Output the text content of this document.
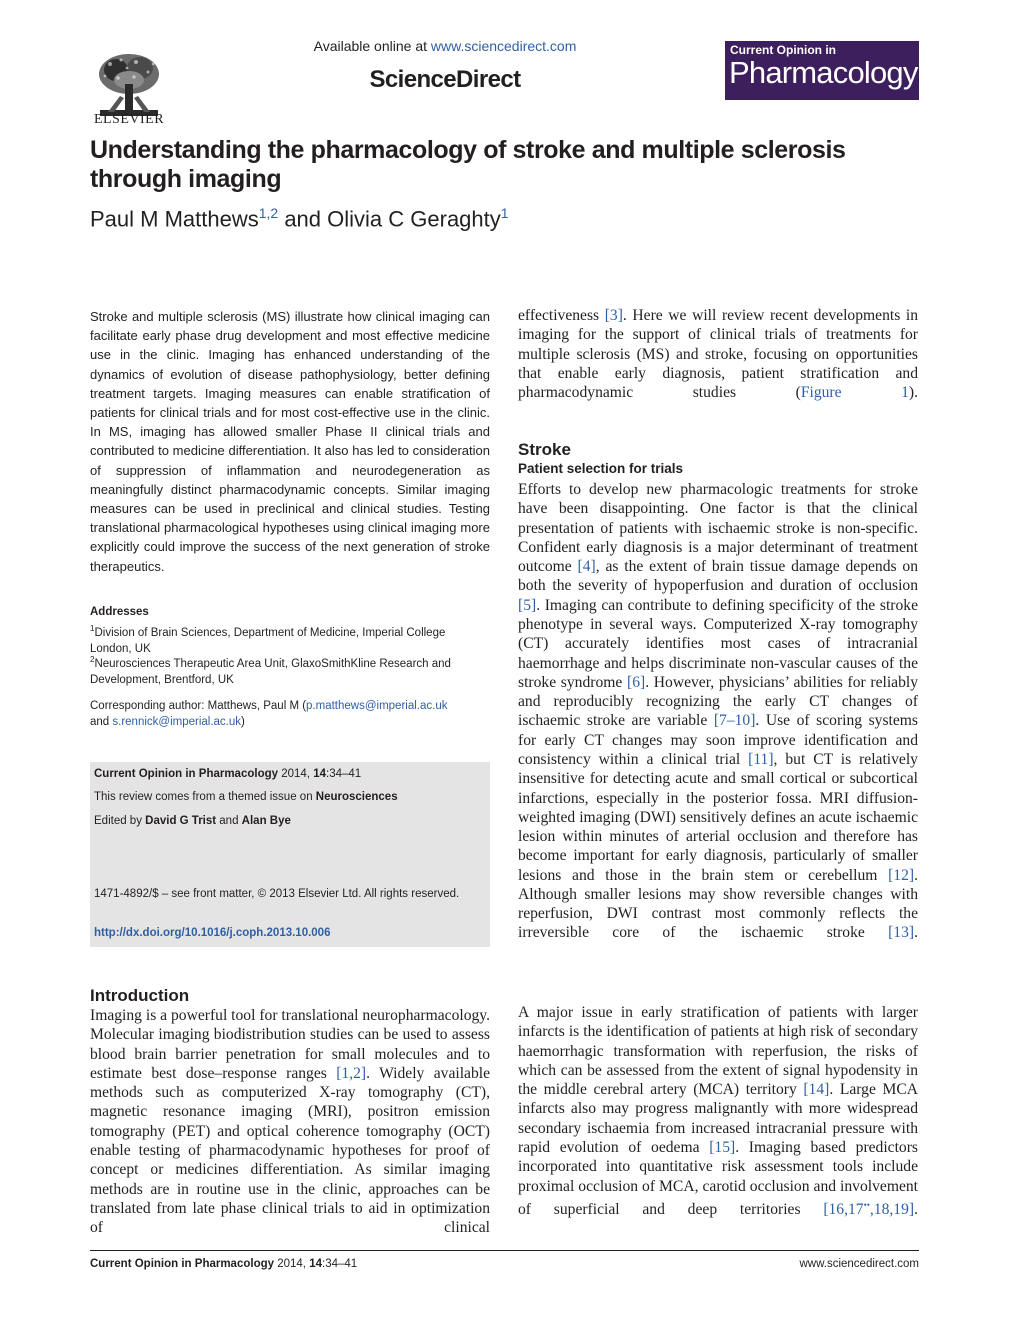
ELSEVIER
Available online at www.sciencedirect.com
ScienceDirect
Current Opinion in
Pharmacology
Understanding the pharmacology of stroke and multiple sclerosis through imaging
Paul M Matthews$^{1,2}$ and Olivia C Geraghty$^1$
Stroke and multiple sclerosis (MS) illustrate how clinical imaging can facilitate early phase drug development and most effective medicine use in the clinic. Imaging has enhanced understanding of the dynamics of evolution of disease pathophysiology, better defining treatment targets. Imaging measures can enable stratification of patients for clinical trials and for most cost-effective use in the clinic. In MS, imaging has allowed smaller Phase II clinical trials and contributed to medicine differentiation. It also has led to consideration of suppression of inflammation and neurodegeneration as meaningfully distinct pharmacodynamic concepts. Similar imaging measures can be used in preclinical and clinical studies. Testing translational pharmacological hypotheses using clinical imaging more explicitly could improve the success of the next generation of stroke therapeutics.
Addresses
$^1$Division of Brain Sciences, Department of Medicine, Imperial College London, UK
$^2$Neurosciences Therapeutic Area Unit, GlaxoSmithKline Research and Development, Brentford, UK
Corresponding author: Matthews, Paul M (p.matthews@imperial.ac.uk
and s.rennick@imperial.ac.uk)
Current Opinion in Pharmacology 2014, 14:34–41
This review comes from a themed issue on Neurosciences
Edited by David G Trist and Alan Bye
1471-4892/$ – see front matter, © 2013 Elsevier Ltd. All rights reserved.
http://dx.doi.org/10.1016/j.coph.2013.10.006
Introduction
Imaging is a powerful tool for translational neuropharmacology. Molecular imaging biodistribution studies can be used to assess blood brain barrier penetration for small molecules and to estimate best dose–response ranges [1,2]. Widely available methods such as computerized X-ray tomography (CT), magnetic resonance imaging (MRI), positron emission tomography (PET) and optical coherence tomography (OCT) enable testing of pharmacodynamic hypotheses for proof of concept or medicines differentiation. As similar imaging methods are in routine use in the clinic, approaches can be translated from late phase clinical trials to aid in optimization of clinical
effectiveness [3]. Here we will review recent developments in imaging for the support of clinical trials of treatments for multiple sclerosis (MS) and stroke, focusing on opportunities that enable early diagnosis, patient stratification and pharmacodynamic studies (Figure 1).
Stroke
Patient selection for trials
Efforts to develop new pharmacologic treatments for stroke have been disappointing. One factor is that the clinical presentation of patients with ischaemic stroke is non-specific. Confident early diagnosis is a major determinant of treatment outcome [4], as the extent of brain tissue damage depends on both the severity of hypoperfusion and duration of occlusion [5]. Imaging can contribute to defining specificity of the stroke phenotype in several ways. Computerized X-ray tomography (CT) accurately identifies most cases of intracranial haemorrhage and helps discriminate non-vascular causes of the stroke syndrome [6]. However, physicians’ abilities for reliably and reproducibly recognizing the early CT changes of ischaemic stroke are variable [7–10]. Use of scoring systems for early CT changes may soon improve identification and consistency within a clinical trial [11], but CT is relatively insensitive for detecting acute and small cortical or subcortical infarctions, especially in the posterior fossa. MRI diffusion-weighted imaging (DWI) sensitively defines an acute ischaemic lesion within minutes of arterial occlusion and therefore has become important for early diagnosis, particularly of smaller lesions and those in the brain stem or cerebellum [12]. Although smaller lesions may show reversible changes with reperfusion, DWI contrast most commonly reflects the irreversible core of the ischaemic stroke [13].
A major issue in early stratification of patients with larger infarcts is the identification of patients at high risk of secondary haemorrhagic transformation with reperfusion, the risks of which can be assessed from the extent of signal hypodensity in the middle cerebral artery (MCA) territory [14]. Large MCA infarcts also may progress malignantly with more widespread secondary ischaemia from increased intracranial pressure with rapid evolution of oedema [15]. Imaging based predictors incorporated into quantitative risk assessment tools include proximal occlusion of MCA, carotid occlusion and involvement of superficial and deep territories [16,17••,18,19].
Current Opinion in Pharmacology 2014, 14:34–41	www.sciencedirect.com
